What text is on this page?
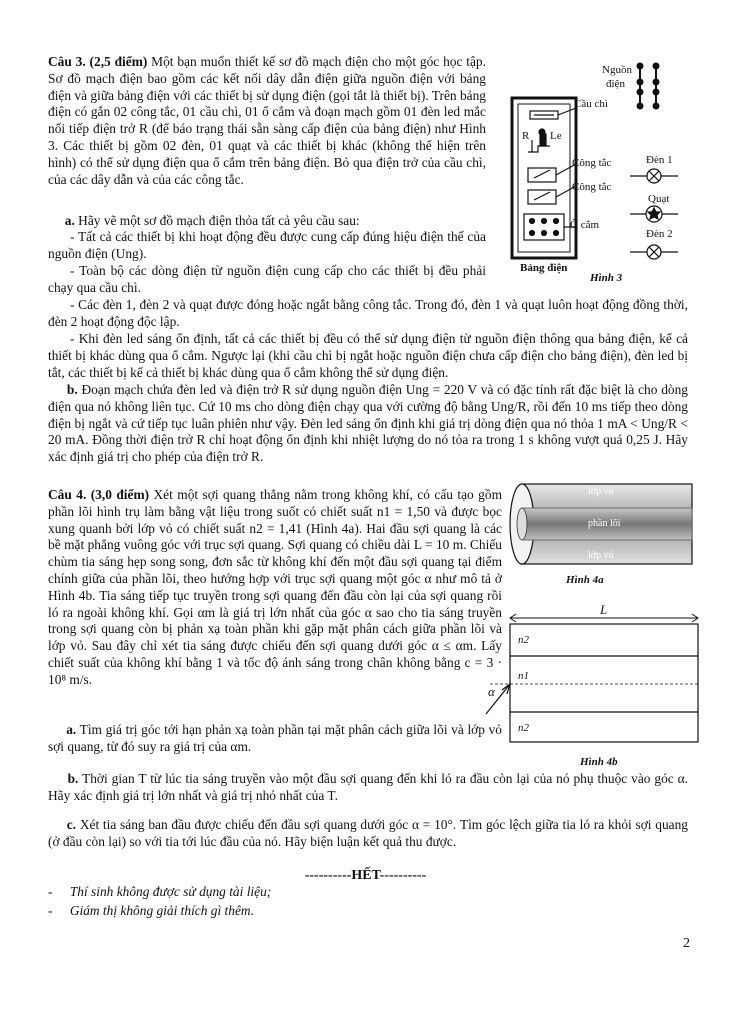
Câu 3. (2,5 điểm) Một bạn muốn thiết kế sơ đồ mạch điện cho một góc học tập. Sơ đồ mạch điện bao gồm các kết nối dây dẫn điện giữa nguồn điện với bảng điện và giữa bảng điện với các thiết bị sử dụng điện (gọi tắt là thiết bị). Trên bảng điện có gắn 02 công tắc, 01 cầu chì, 01 ổ cắm và đoạn mạch gồm 01 đèn led mắc nối tiếp điện trở R (để báo trạng thái sẵn sàng cấp điện của bảng điện) như Hình 3. Các thiết bị gồm 02 đèn, 01 quạt và các thiết bị khác (không thể hiện trên hình) có thể sử dụng điện qua ổ cắm trên bảng điện. Bỏ qua điện trở của cầu chì, của các dây dẫn và của các công tắc.

a. Hãy vẽ một sơ đồ mạch điện thỏa tất cả yêu cầu sau:

- Tất cả các thiết bị khi hoạt động đều được cung cấp đúng hiệu điện thế của nguồn điện (Ung).

- Toàn bộ các dòng điện từ nguồn điện cung cấp cho các thiết bị đều phải chạy qua cầu chì.

- Các đèn 1, đèn 2 và quạt được đóng hoặc ngắt bằng công tắc. Trong đó, đèn 1 và quạt luôn hoạt động đồng thời, đèn 2 hoạt động độc lập.

- Khi đèn led sáng ổn định, tất cả các thiết bị đều có thể sử dụng điện từ nguồn điện thông qua bảng điện, kể cả thiết bị khác dùng qua ổ cắm. Ngược lại (khi cầu chì bị ngắt hoặc nguồn điện chưa cấp điện cho bảng điện), đèn led bị tắt, các thiết bị kể cả thiết bị khác dùng qua ổ cắm không thể sử dụng điện.

b. Đoạn mạch chứa đèn led và điện trở R sử dụng nguồn điện Ung = 220 V và có đặc tính rất đặc biệt là cho dòng điện qua nó không liên tục. Cứ 10 ms cho dòng điện chạy qua với cường độ bằng Ung/R, rồi đến 10 ms tiếp theo dòng điện bị ngắt và cứ tiếp tục luân phiên như vậy. Đèn led sáng ổn định khi giá trị dòng điện qua nó thỏa 1 mA < Ung/R < 20 mA. Đồng thời điện trở R chỉ hoạt động ổn định khi nhiệt lượng do nó tỏa ra trong 1 s không vượt quá 0,25 J. Hãy xác định giá trị cho phép của điện trở R.

Nguồn
điện
Cầu chì
R Le
Công tắc
Công tắc
Ổ cắm
Bảng điện
Đèn 1
Quạt
Đèn 2
Hình 3

Câu 4. (3,0 điểm) Xét một sợi quang thẳng nằm trong không khí, có cấu tạo gồm phần lõi hình trụ làm bằng vật liệu trong suốt có chiết suất n1 = 1,50 và được bọc xung quanh bởi lớp vỏ có chiết suất n2 = 1,41 (Hình 4a). Hai đầu sợi quang là các bề mặt phẳng vuông góc với trục sợi quang. Sợi quang có chiều dài L = 10 m. Chiếu chùm tia sáng hẹp song song, đơn sắc từ không khí đến một đầu sợi quang tại điểm chính giữa của phần lõi, theo hướng hợp với trục sợi quang một góc α như mô tả ở Hình 4b. Tia sáng tiếp tục truyền trong sợi quang đến đầu còn lại của sợi quang rồi ló ra ngoài không khí. Gọi αm là giá trị lớn nhất của góc α sao cho tia sáng truyền trong sợi quang còn bị phản xạ toàn phần khi gặp mặt phân cách giữa phần lõi và lớp vỏ. Sau đây chỉ xét tia sáng được chiếu đến sợi quang dưới góc α ≤ αm. Lấy chiết suất của không khí bằng 1 và tốc độ ánh sáng trong chân không bằng c = 3 · 10⁸ m/s.

a. Tìm giá trị góc tới hạn phản xạ toàn phần tại mặt phân cách giữa lõi và lớp vỏ sợi quang, từ đó suy ra giá trị của αm.

b. Thời gian T từ lúc tia sáng truyền vào một đầu sợi quang đến khi ló ra đầu còn lại của nó phụ thuộc vào góc α. Hãy xác định giá trị lớn nhất và giá trị nhỏ nhất của T.

c. Xét tia sáng ban đầu được chiếu đến đầu sợi quang dưới góc α = 10°. Tìm góc lệch giữa tia ló ra khỏi sợi quang (ở đầu còn lại) so với tia tới lúc đầu của nó. Hãy biện luận kết quả thu được.

lớp vỏ
phần lõi
lớp vỏ
Hình 4a
L
n2
n1
n2
α
Hình 4b
----------HẾT----------
- Thí sinh không được sử dụng tài liệu;
- Giám thị không giải thích gì thêm.
2
